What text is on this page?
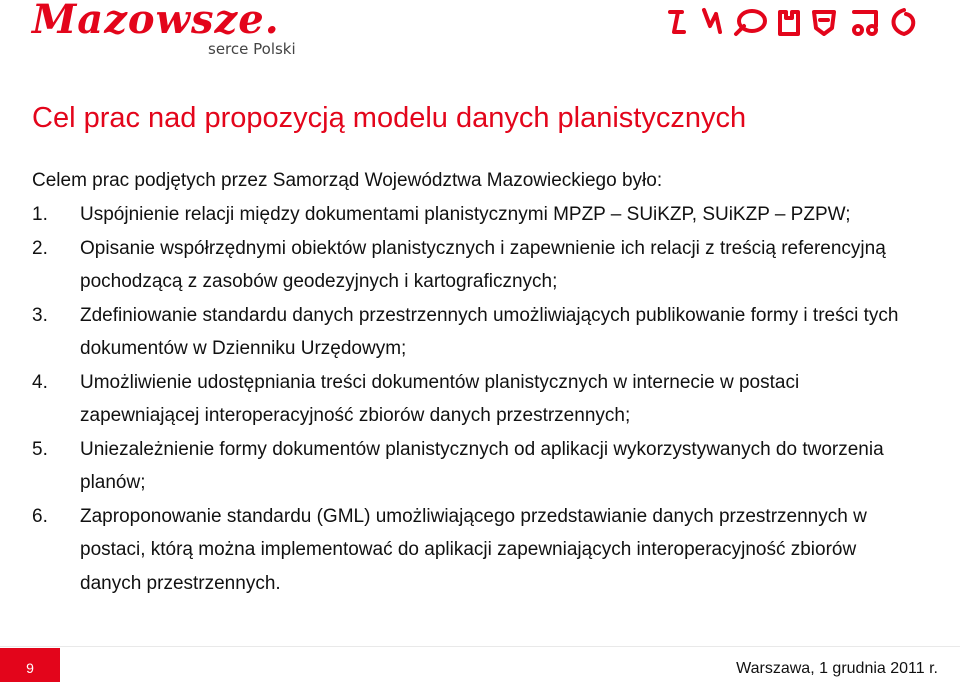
Mazowsze.
serce Polski
Cel prac nad propozycją modelu danych planistycznych

Celem prac podjętych przez Samorząd Województwa Mazowieckiego było:

1. Uspójnienie relacji między dokumentami planistycznymi MPZP – SUiKZP, SUiKZP – PZPW;
2. Opisanie współrzędnymi obiektów planistycznych i zapewnienie ich relacji z treścią referencyjną pochodzącą z zasobów geodezyjnych i kartograficznych;
3. Zdefiniowanie standardu danych przestrzennych umożliwiających publikowanie formy i treści tych dokumentów w Dzienniku Urzędowym;
4. Umożliwienie udostępniania treści dokumentów planistycznych w internecie w postaci zapewniającej interoperacyjność zbiorów danych przestrzennych;
5. Uniezależnienie formy dokumentów planistycznych od aplikacji wykorzystywanych do tworzenia planów;
6. Zaproponowanie standardu (GML) umożliwiającego przedstawianie danych przestrzennych w postaci, którą można implementować do aplikacji zapewniających interoperacyjność zbiorów danych przestrzennych.
9	Warszawa, 1 grudnia 2011 r.
